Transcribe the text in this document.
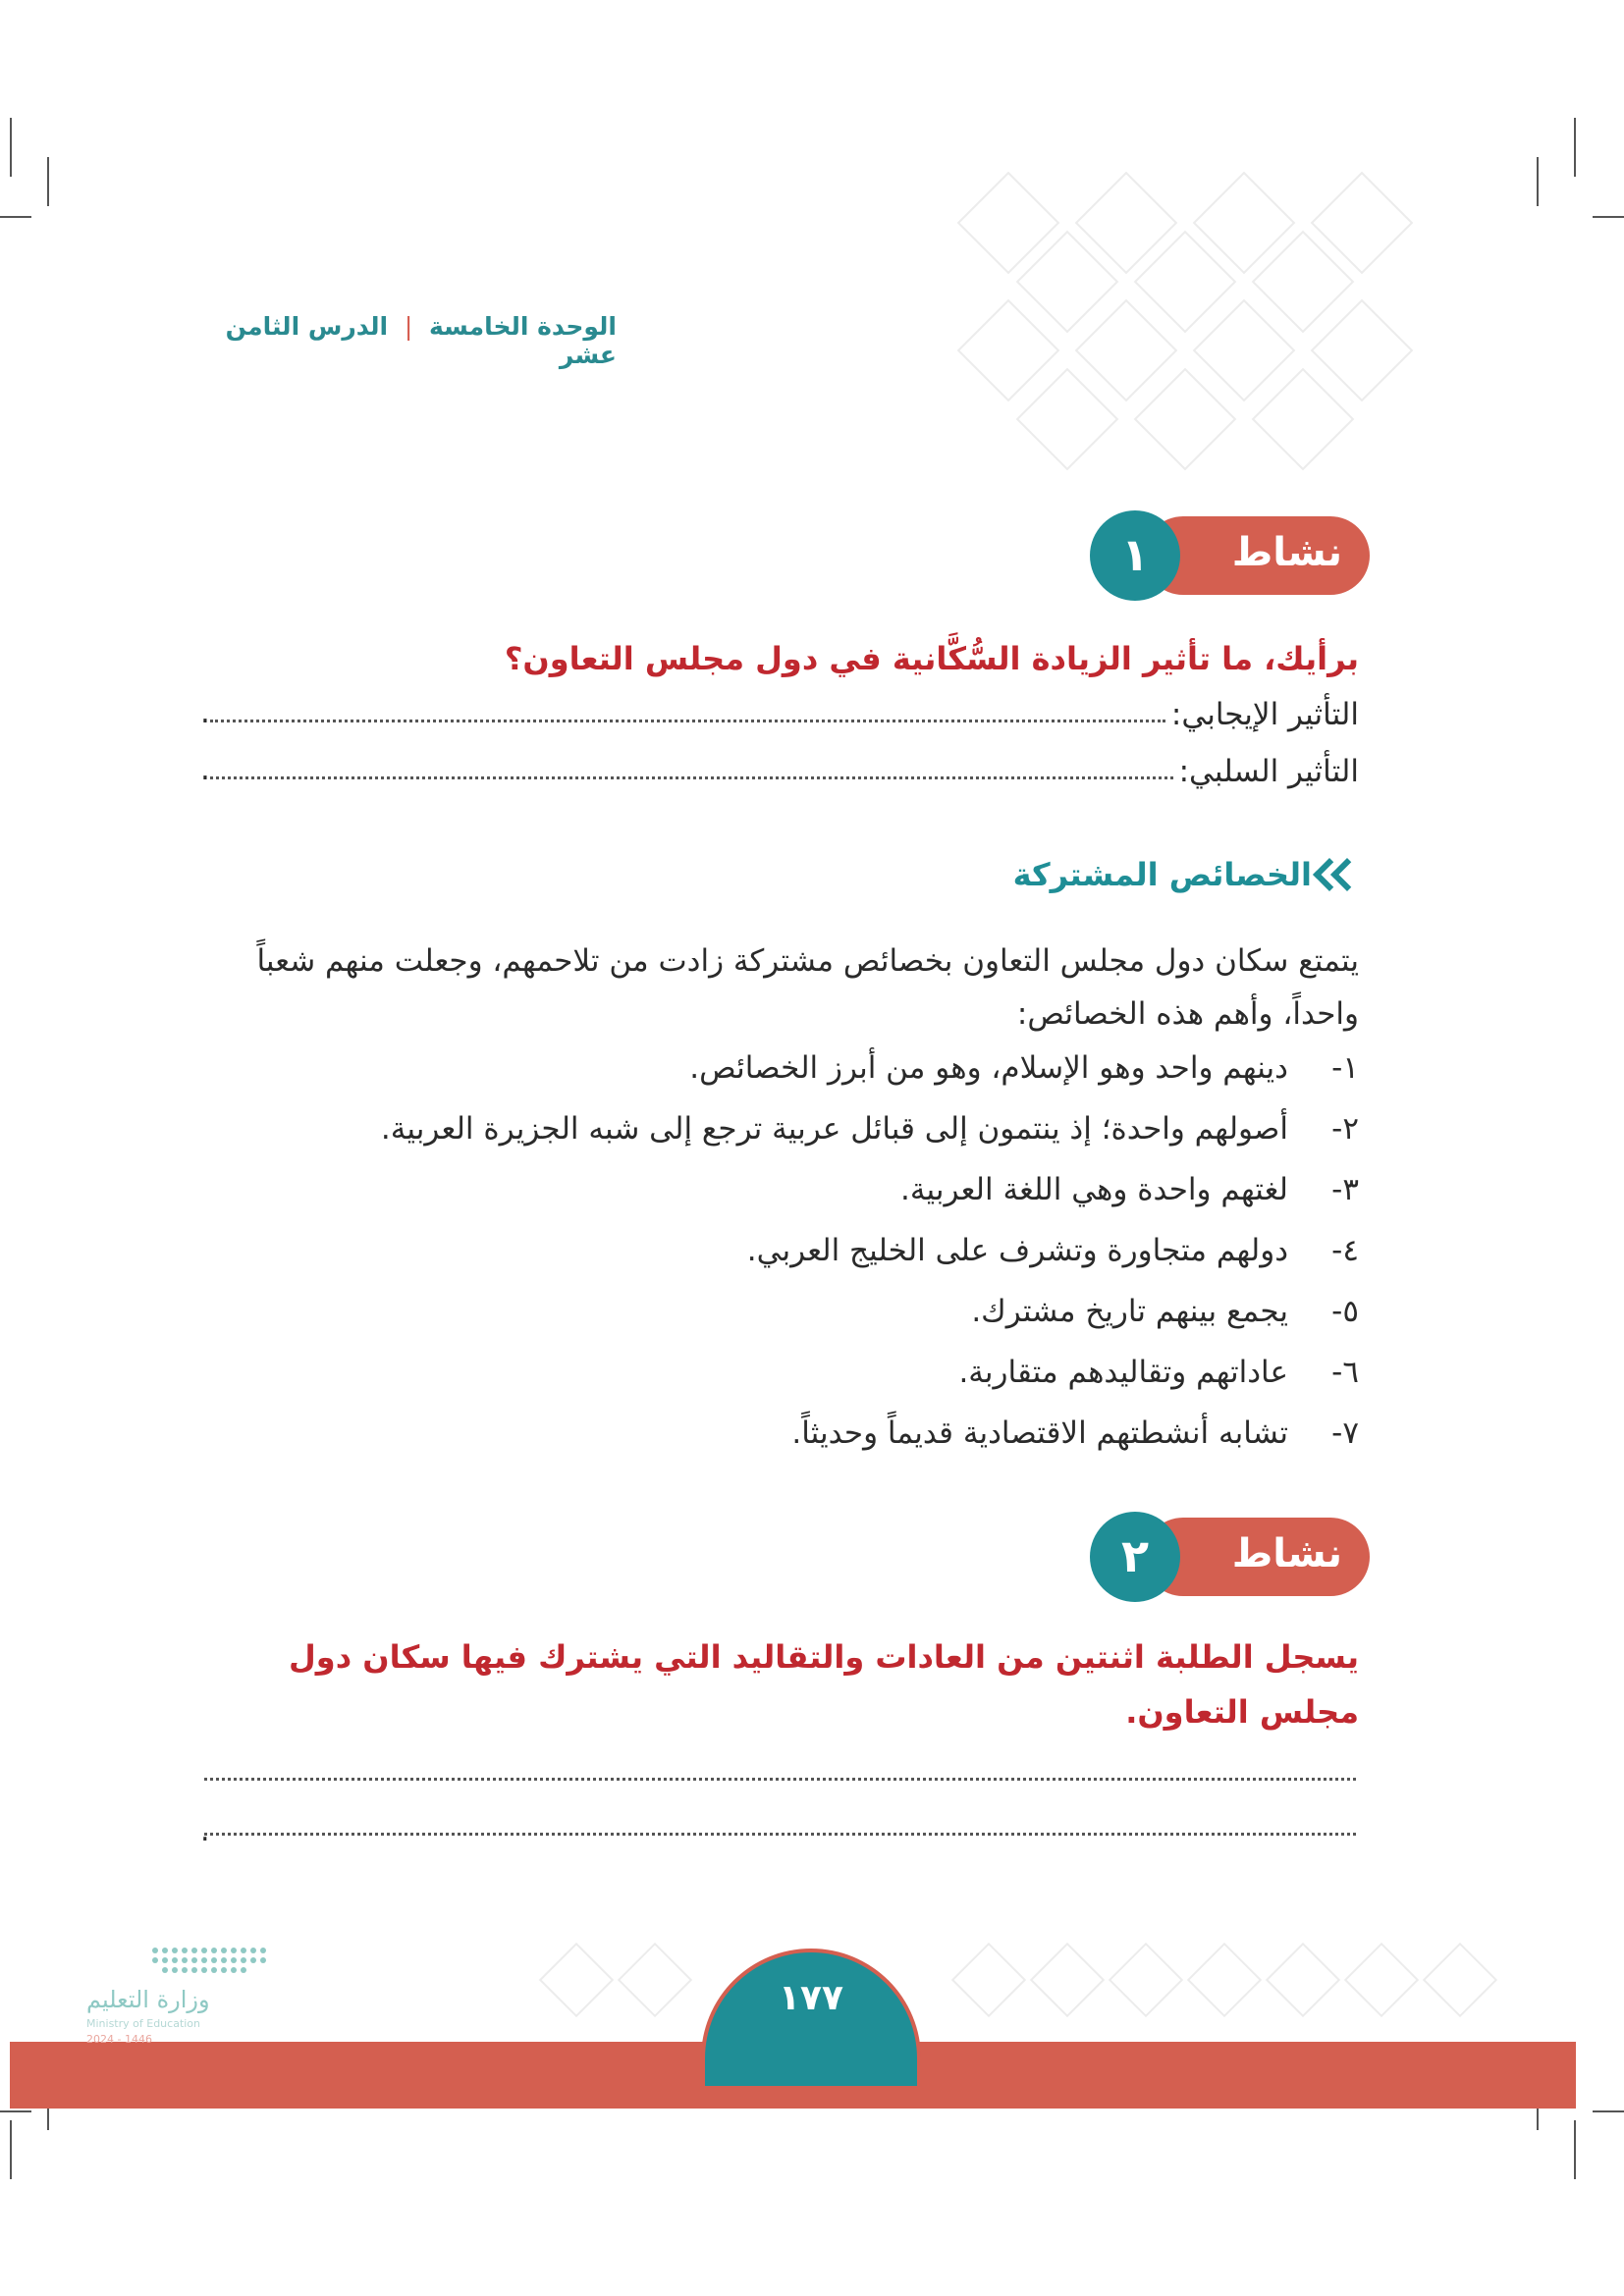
الوحدة الخامسة | الدرس الثامن عشر
نشاط
١
برأيك، ما تأثير الزيادة السُّكَّانية في دول مجلس التعاون؟
التأثير الإيجابي:
.
التأثير السلبي:
.
الخصائص المشتركة
يتمتع سكان دول مجلس التعاون بخصائص مشتركة زادت من تلاحمهم، وجعلت منهم شعباً واحداً، وأهم هذه الخصائص:
١-
دينهم واحد وهو الإسلام، وهو من أبرز الخصائص.
٢-
أصولهم واحدة؛ إذ ينتمون إلى قبائل عربية ترجع إلى شبه الجزيرة العربية.
٣-
لغتهم واحدة وهي اللغة العربية.
٤-
دولهم متجاورة وتشرف على الخليج العربي.
٥-
يجمع بينهم تاريخ مشترك.
٦-
عاداتهم وتقاليدهم متقاربة.
٧-
تشابه أنشطتهم الاقتصادية قديماً وحديثاً.
نشاط
٢
يسجل الطلبة اثنتين من العادات والتقاليد التي يشترك فيها سكان دول مجلس التعاون.
.
١٧٧
وزارة التعليم
Ministry of Education
2024 - 1446
